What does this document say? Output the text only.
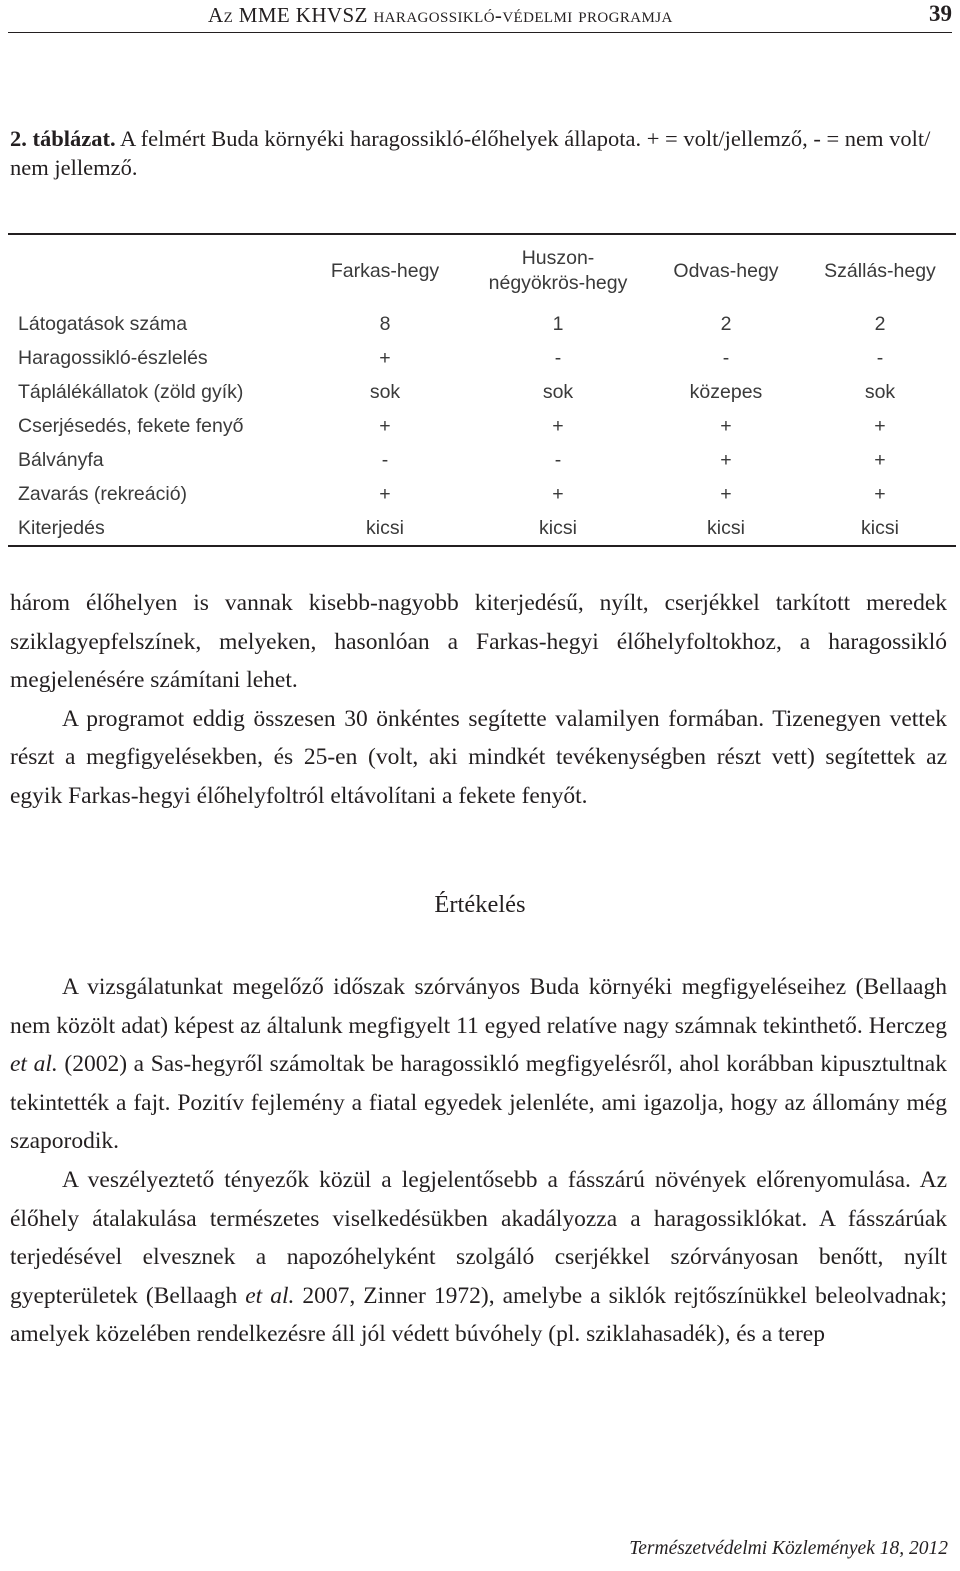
Az MME KHVSZ haragossikló-védelmi programja	39
2. táblázat. A felmért Buda környéki haragossikló-élőhelyek állapota. + = volt/jellemző, - = nem volt/ nem jellemző.
	Farkas-hegy	Huszon-
négyökrös-hegy	Odvas-hegy	Szállás-hegy
Látogatások száma	8	1	2	2
Haragossikló-észlelés	+	-	-	-
Táplálékállatok (zöld gyík)	sok	sok	közepes	sok
Cserjésedés, fekete fenyő	+	+	+	+
Bálványfa	-	-	+	+
Zavarás (rekreáció)	+	+	+	+
Kiterjedés	kicsi	kicsi	kicsi	kicsi

három élőhelyen is vannak kisebb-nagyobb kiterjedésű, nyílt, cserjékkel tarkított meredek sziklagyepfelszínek, melyeken, hasonlóan a Farkas-hegyi élőhelyfoltokhoz, a haragossikló megjelenésére számítani lehet.

A programot eddig összesen 30 önkéntes segítette valamilyen formában. Tizenegyen vettek részt a megfigyelésekben, és 25-en (volt, aki mindkét tevékenységben részt vett) segítettek az egyik Farkas-hegyi élőhelyfoltról eltávolítani a fekete fenyőt.

Értékelés

A vizsgálatunkat megelőző időszak szórványos Buda környéki megfigyeléseihez (Bellaagh nem közölt adat) képest az általunk megfigyelt 11 egyed relatíve nagy számnak tekinthető. Herczeg et al. (2002) a Sas-hegyről számoltak be haragossikló megfigyelésről, ahol korábban kipusztultnak tekintették a fajt. Pozitív fejlemény a fiatal egyedek jelenléte, ami igazolja, hogy az állomány még szaporodik.

A veszélyeztető tényezők közül a legjelentősebb a fásszárú növények előrenyomulása. Az élőhely átalakulása természetes viselkedésükben akadályozza a haragossiklókat. A fásszárúak terjedésével elvesznek a napozóhelyként szolgáló cserjékkel szórványosan benőtt, nyílt gyepterületek (Bellaagh et al. 2007, Zinner 1972), amelybe a siklók rejtőszínükkel beleolvadnak; amelyek közelében rendelkezésre áll jól védett búvóhely (pl. sziklahasadék), és a terep

Természetvédelmi Közlemények 18, 2012
